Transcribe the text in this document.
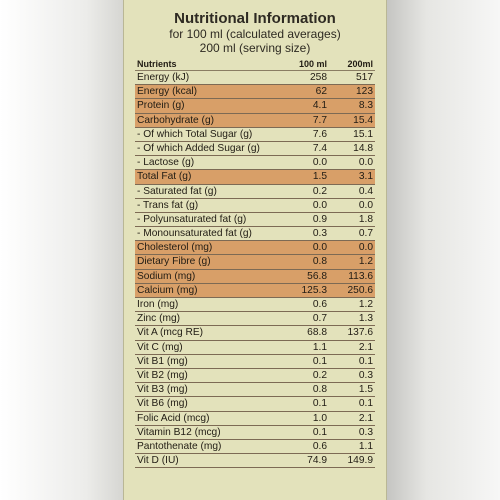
Nutritional Information
for 100 ml (calculated averages)
200 ml (serving size)
Nutrients	100 ml	200ml
Energy (kJ)	258	517
Energy (kcal)	62	123
Protein (g)	4.1	8.3
Carbohydrate (g)	7.7	15.4
- Of which Total Sugar (g)	7.6	15.1
- Of which Added Sugar (g)	7.4	14.8
- Lactose (g)	0.0	0.0
Total Fat (g)	1.5	3.1
- Saturated fat (g)	0.2	0.4
- Trans fat (g)	0.0	0.0
- Polyunsaturated fat (g)	0.9	1.8
- Monounsaturated fat (g)	0.3	0.7
Cholesterol (mg)	0.0	0.0
Dietary Fibre (g)	0.8	1.2
Sodium (mg)	56.8	113.6
Calcium (mg)	125.3	250.6
Iron (mg)	0.6	1.2
Zinc (mg)	0.7	1.3
Vit A (mcg RE)	68.8	137.6
Vit C (mg)	1.1	2.1
Vit B1 (mg)	0.1	0.1
Vit B2 (mg)	0.2	0.3
Vit B3 (mg)	0.8	1.5
Vit B6 (mg)	0.1	0.1
Folic Acid (mcg)	1.0	2.1
Vitamin B12 (mcg)	0.1	0.3
Pantothenate (mg)	0.6	1.1
Vit D (IU)	74.9	149.9
